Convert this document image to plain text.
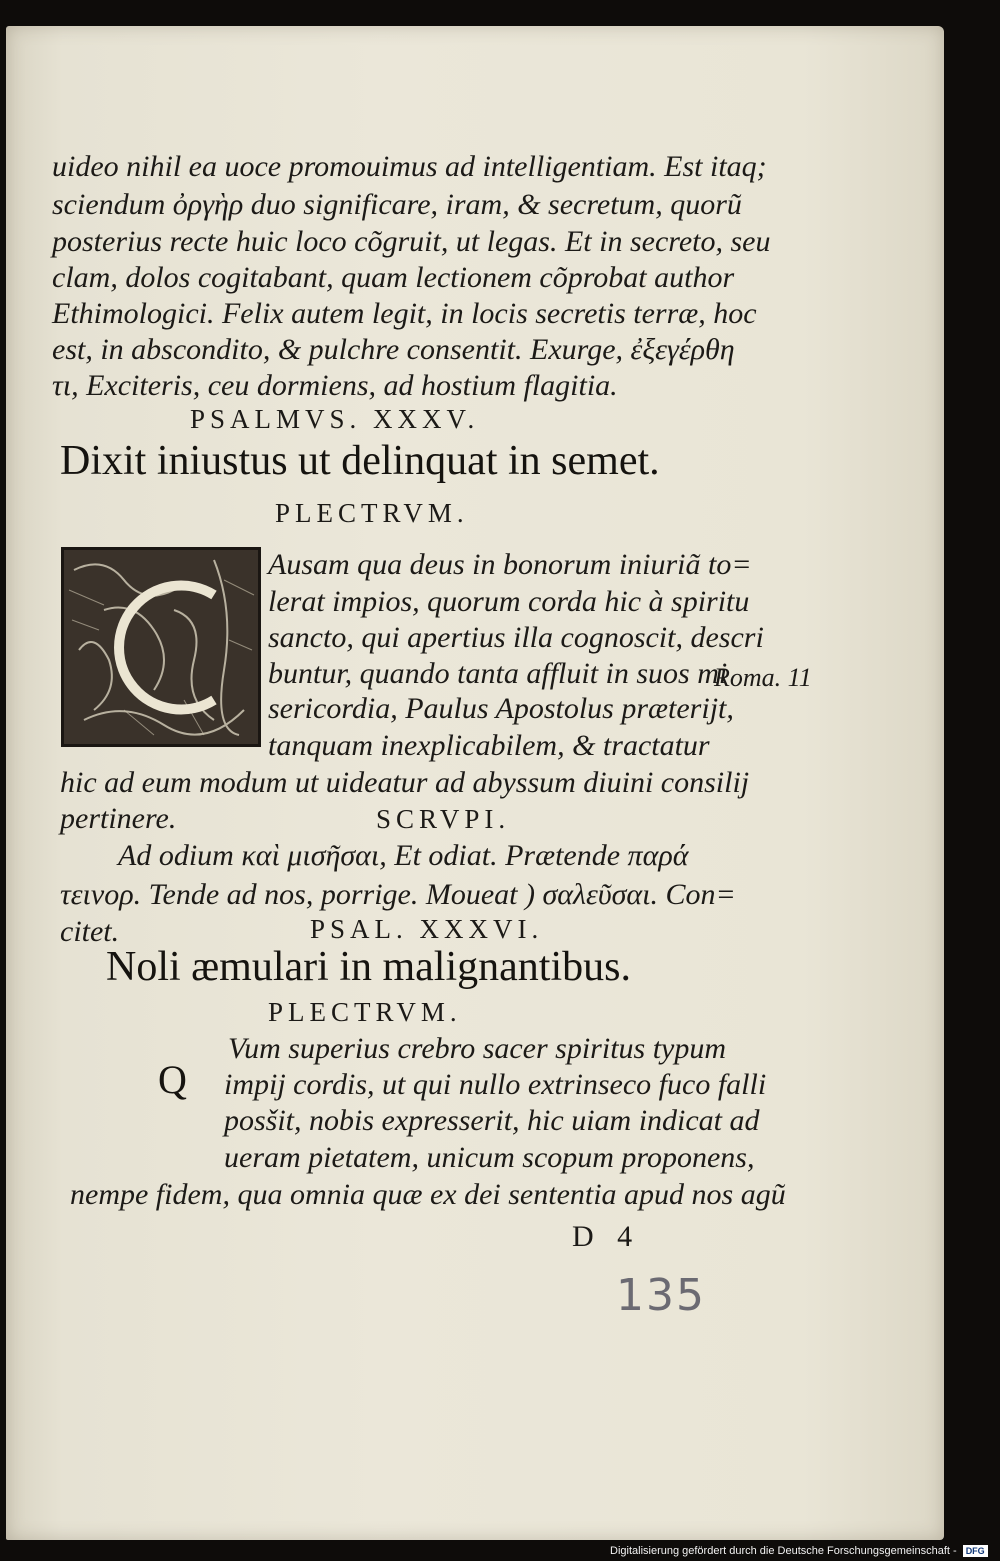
uideo nihil ea uoce promouimus ad intelligentiam. Est itaq;
sciendum ὀργὴρ duo significare, iram, & secretum, quorũ
posterius recte huic loco cõgruit, ut legas. Et in secreto, seu
clam, dolos cogitabant, quam lectionem cõprobat author
Ethimologici. Felix autem legit, in locis secretis terræ, hoc
est, in abscondito, & pulchre consentit. Exurge, ἐξεγέρθη
τι, Exciteris, ceu dormiens, ad hostium flagitia.
PSALMVS. XXXV.
Dixit iniustus ut delinquat in semet.
PLECTRVM.
Ausam qua deus in bonorum iniuriã to=
lerat impios, quorum corda hic à spiritu
sancto, qui apertius illa cognoscit, descri
buntur, quando tanta affluit in suos mi
sericordia, Paulus Apostolus præterijt,
tanquam inexplicabilem, & tractatur
Roma. 11
hic ad eum modum ut uideatur ad abyssum diuini consilij
pertinere.	SCRVPI.
Ad odium καὶ μισῆσαι, Et odiat. Prætende παρά
τεινορ. Tende ad nos, porrige. Moueat ) σαλεῦσαι. Con=
citet.	PSAL. XXXVI.
Noli æmulari in malignantibus.
PLECTRVM.
Q
Vum superius crebro sacer spiritus typum
impij cordis, ut qui nullo extrinseco fuco falli
posšit, nobis expresserit, hic uiam indicat ad
ueram pietatem, unicum scopum proponens,
nempe fidem, qua omnia quæ ex dei sententia apud nos agũ
D 4
135
Digitalisierung gefördert durch die Deutsche Forschungsgemeinschaft - DFG
